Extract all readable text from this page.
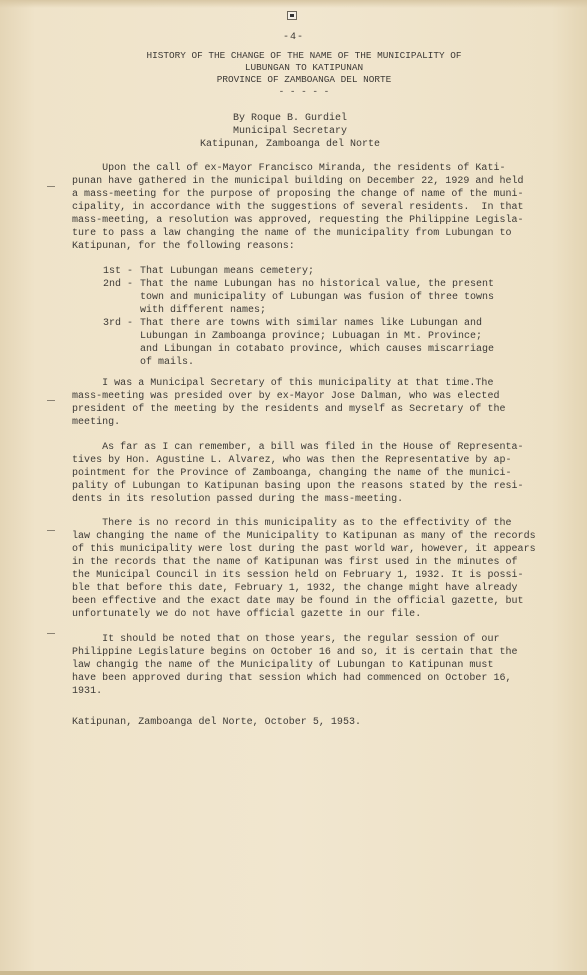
-4-
HISTORY OF THE CHANGE OF THE NAME OF THE MUNICIPALITY OF
LUBUNGAN TO KATIPUNAN
PROVINCE OF ZAMBOANGA DEL NORTE
- - - - -
By Roque B. Gurdiel
Municipal Secretary
Katipunan, Zamboanga del Norte
Upon the call of ex-Mayor Francisco Miranda, the residents of Kati-
punan have gathered in the municipal building on December 22, 1929 and held
a mass-meeting for the purpose of proposing the change of name of the muni-
cipality, in accordance with the suggestions of several residents.  In that
mass-meeting, a resolution was approved, requesting the Philippine Legisla-
ture to pass a law changing the name of the municipality from Lubungan to
Katipunan, for the following reasons:
1st - That Lubungan means cemetery;
2nd - That the name Lubungan has no historical value, the present
town and municipality of Lubungan was fusion of three towns
with different names;
3rd - That there are towns with similar names like Lubungan and
Lubungan in Zamboanga province; Lubuagan in Mt. Province;
and Libungan in cotabato province, which causes miscarriage
of mails.
I was a Municipal Secretary of this municipality at that time.The
mass-meeting was presided over by ex-Mayor Jose Dalman, who was elected
president of the meeting by the residents and myself as Secretary of the
meeting.
As far as I can remember, a bill was filed in the House of Representa-
tives by Hon. Agustine L. Alvarez, who was then the Representative by ap-
pointment for the Province of Zamboanga, changing the name of the munici-
pality of Lubungan to Katipunan basing upon the reasons stated by the resi-
dents in its resolution passed during the mass-meeting.
There is no record in this municipality as to the effectivity of the
law changing the name of the Municipality to Katipunan as many of the records
of this municipality were lost during the past world war, however, it appears
in the records that the name of Katipunan was first used in the minutes of
the Municipal Council in its session held on February 1, 1932. It is possi-
ble that before this date, February 1, 1932, the change might have already
been effective and the exact date may be found in the official gazette, but
unfortunately we do not have official gazette in our file.
It should be noted that on those years, the regular session of our
Philippine Legislature begins on October 16 and so, it is certain that the
law changig the name of the Municipality of Lubungan to Katipunan must
have been approved during that session which had commenced on October 16,
1931.
Katipunan, Zamboanga del Norte, October 5, 1953.
